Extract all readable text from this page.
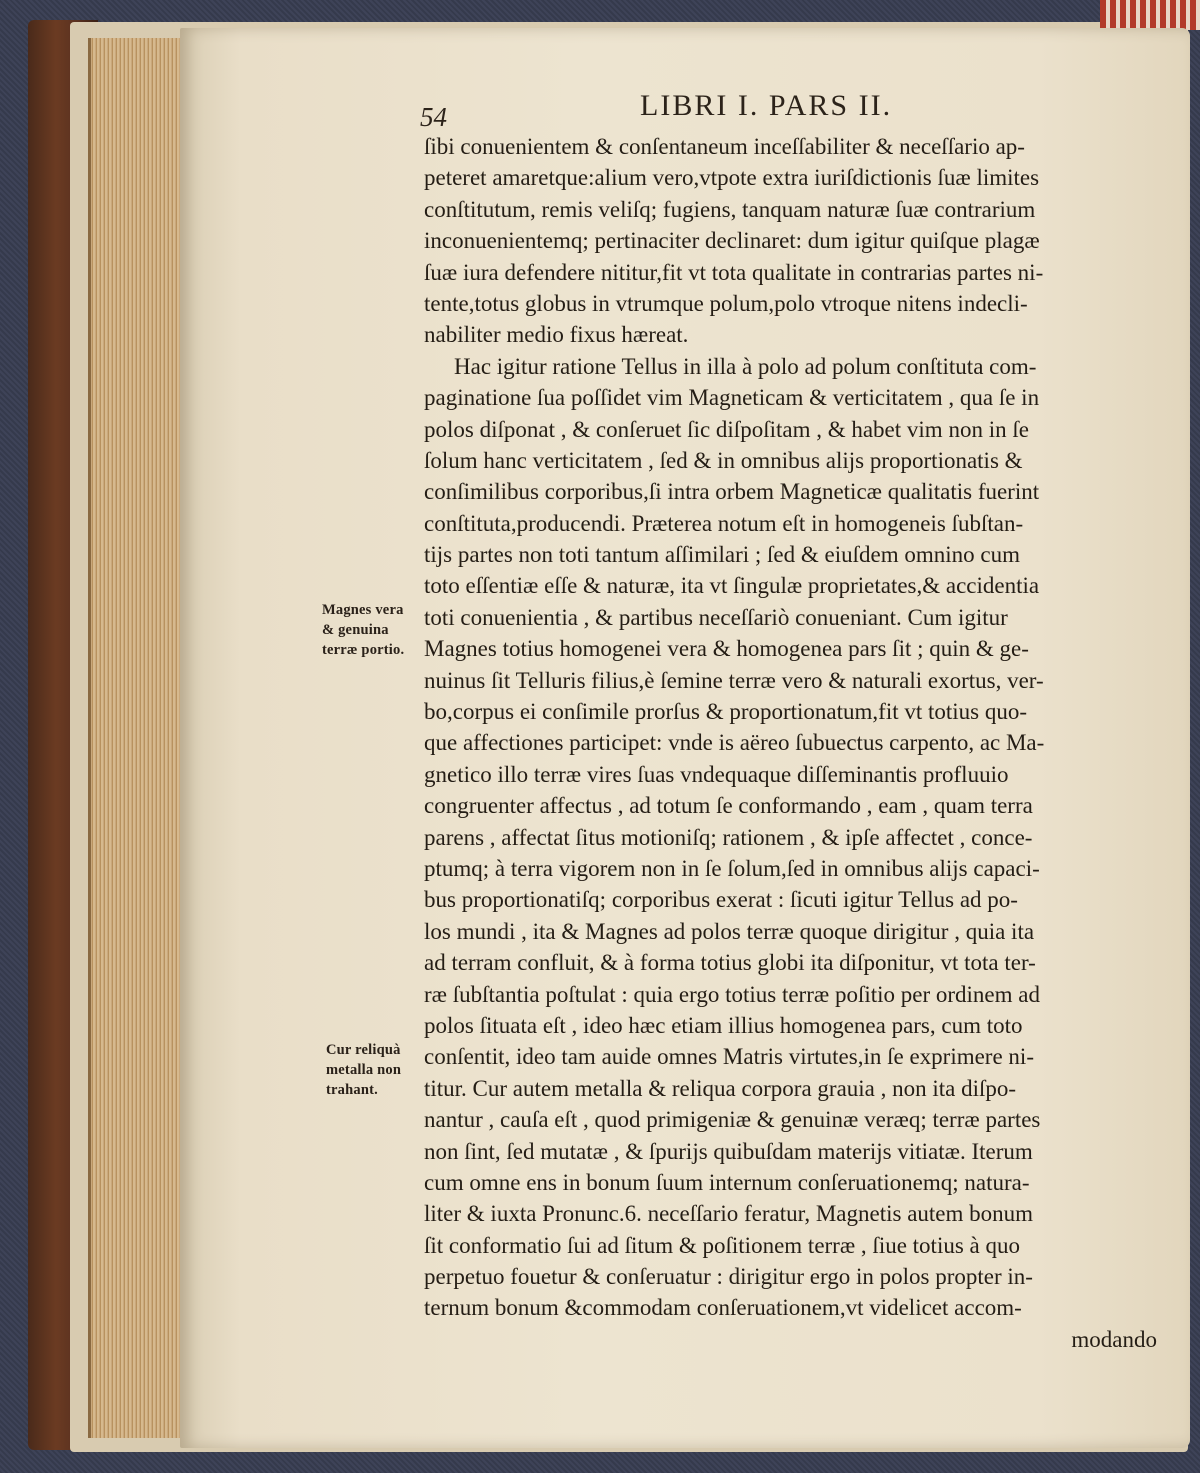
54	LIBRI I. PARS II.
ſibi conuenientem & conſentaneum inceſſabiliter & neceſſario ap-
peteret amaretque:alium vero,vtpote extra iuriſdictionis ſuæ limites
conſtitutum, remis veliſq; fugiens, tanquam naturæ ſuæ contrarium
inconuenientemq; pertinaciter declinaret: dum igitur quiſque plagæ
ſuæ iura defendere nititur,fit vt tota qualitate in contrarias partes ni-
tente,totus globus in vtrumque polum,polo vtroque nitens indecli-
nabiliter medio fixus hæreat.
Hac igitur ratione Tellus in illa à polo ad polum conſtituta com-
paginatione ſua poſſidet vim Magneticam & verticitatem , qua ſe in
polos diſponat , & conſeruet ſic diſpoſitam , & habet vim non in ſe
ſolum hanc verticitatem , ſed & in omnibus alijs proportionatis &
conſimilibus corporibus,ſi intra orbem Magneticæ qualitatis fuerint
conſtituta,producendi. Præterea notum eſt in homogeneis ſubſtan-
tijs partes non toti tantum aſſimilari ; ſed & eiuſdem omnino cum
toto eſſentiæ eſſe & naturæ, ita vt ſingulæ proprietates,& accidentia
toti conuenientia , & partibus neceſſariò conueniant. Cum igitur
Magnes totius homogenei vera & homogenea pars ſit ; quin & ge-
nuinus ſit Telluris filius,è ſemine terræ vero & naturali exortus, ver-
bo,corpus ei conſimile prorſus & proportionatum,fit vt totius quo-
que affectiones participet: vnde is aëreo ſubuectus carpento, ac Ma-
gnetico illo terræ vires ſuas vndequaque diſſeminantis profluuio
congruenter affectus , ad totum ſe conformando , eam , quam terra
parens , affectat ſitus motioniſq; rationem , & ipſe affectet , conce-
ptumq; à terra vigorem non in ſe ſolum,ſed in omnibus alijs capaci-
bus proportionatiſq; corporibus exerat : ſicuti igitur Tellus ad po-
los mundi , ita & Magnes ad polos terræ quoque dirigitur , quia ita
ad terram confluit, & à forma totius globi ita diſponitur, vt tota ter-
ræ ſubſtantia poſtulat : quia ergo totius terræ poſitio per ordinem ad
polos ſituata eſt , ideo hæc etiam illius homogenea pars, cum toto
conſentit, ideo tam auide omnes Matris virtutes,in ſe exprimere ni-
titur. Cur autem metalla & reliqua corpora grauia , non ita diſpo-
nantur , cauſa eſt , quod primigeniæ & genuinæ veræq; terræ partes
non ſint, ſed mutatæ , & ſpurijs quibuſdam materijs vitiatæ. Iterum
cum omne ens in bonum ſuum internum conſeruationemq; natura-
liter & iuxta Pronunc.6. neceſſario feratur, Magnetis autem bonum
ſit conformatio ſui ad ſitum & poſitionem terræ , ſiue totius à quo
perpetuo fouetur & conſeruatur : dirigitur ergo in polos propter in-
ternum bonum &commodam conſeruationem,vt videlicet accom-
modando
Magnes vera
& genuina
terræ portio.
Cur reliquà
metalla non
trahant.
